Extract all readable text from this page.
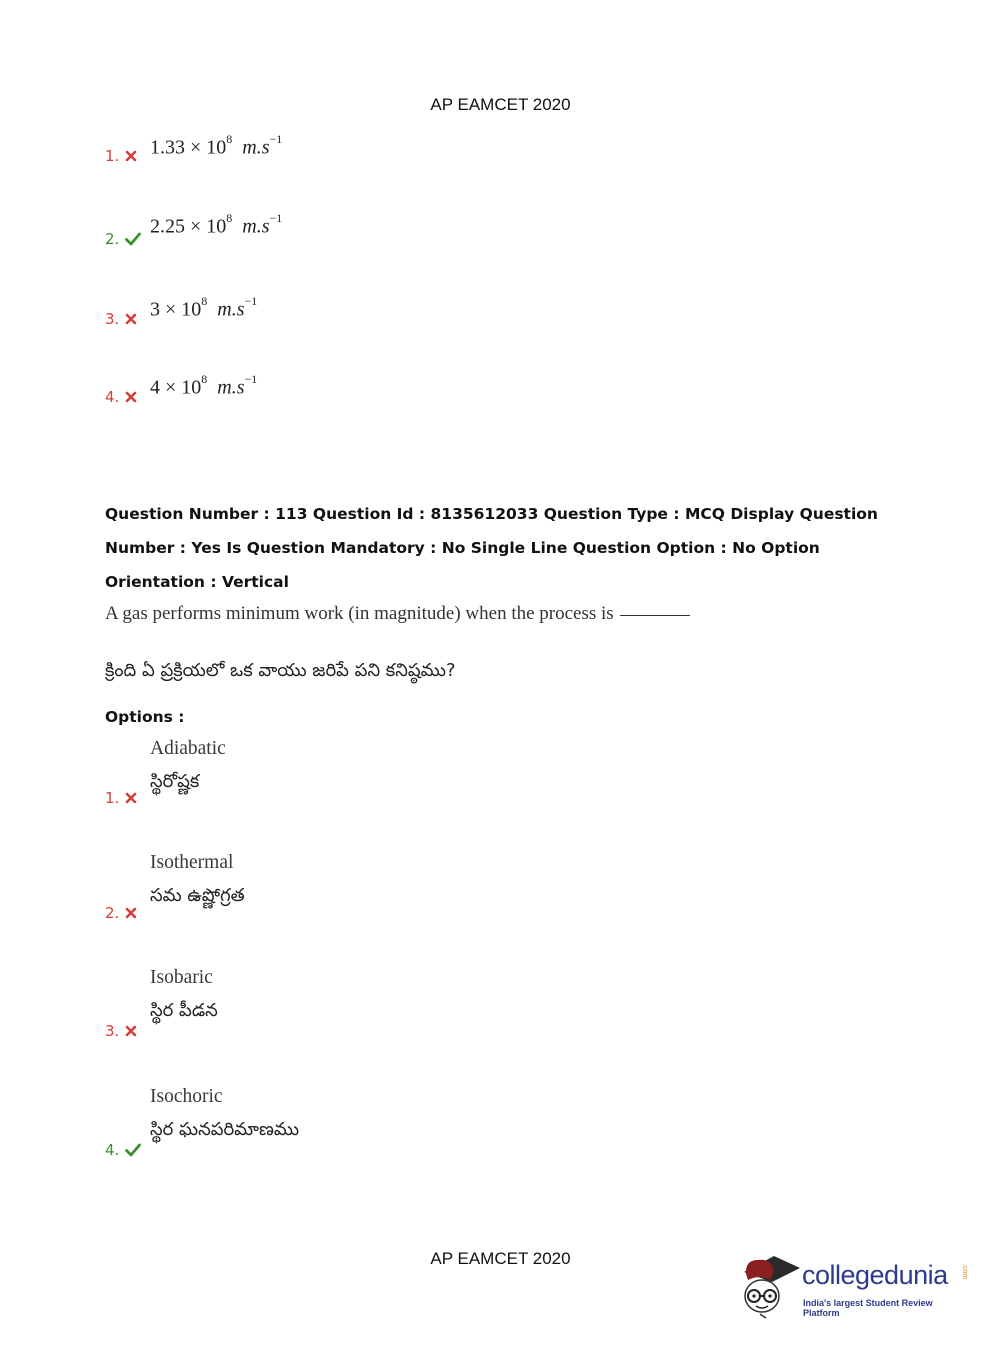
AP EAMCET 2020
$1.33 \times 10^8$ $m.s^{-1}$
1.
$2.25 \times 10^8$ $m.s^{-1}$
2.
$3 \times 10^8$ $m.s^{-1}$
3.
$4 \times 10^8$ $m.s^{-1}$
4.
Question Number : 113 Question Id : 8135612033 Question Type : MCQ Display Question
Number : Yes Is Question Mandatory : No Single Line Question Option : No Option
Orientation : Vertical
A gas performs minimum work (in magnitude) when the process is
క్రింది ఏ ప్రక్రియలో ఒక వాయు జరిపే పని కనిష్ఠము?
Options :
Adiabatic
స్థిరోష్ణక
1.
Isothermal
సమ ఉష్ణోగ్రత
2.
Isobaric
స్థిర పీడన
3.
Isochoric
స్థిర ఘనపరిమాణము
4.
AP EAMCET 2020
collegedunia .com
India's largest Student Review Platform
